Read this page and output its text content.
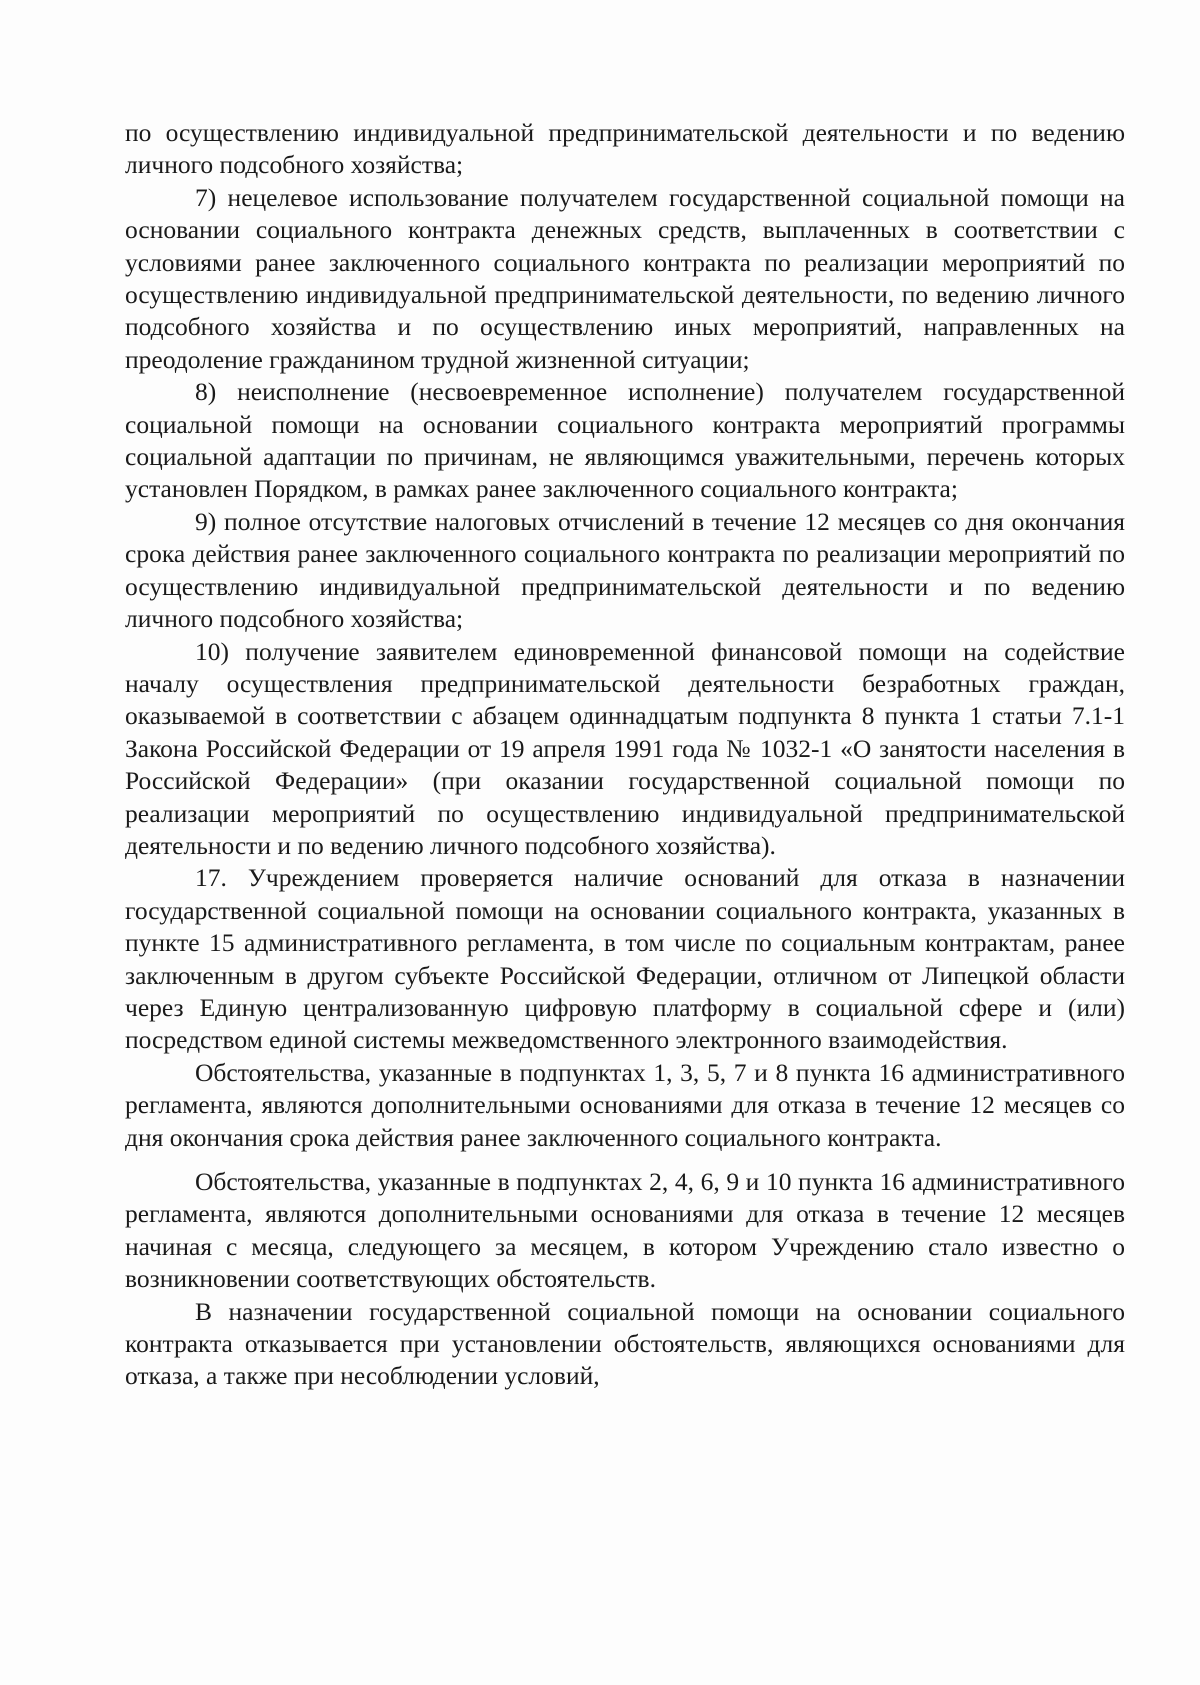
по осуществлению индивидуальной предпринимательской деятельности и по ведению личного подсобного хозяйства;

7) нецелевое использование получателем государственной социальной помощи на основании социального контракта денежных средств, выплаченных в соответствии с условиями ранее заключенного социального контракта по реализации мероприятий по осуществлению индивидуальной предпринимательской деятельности, по ведению личного подсобного хозяйства и по осуществлению иных мероприятий, направленных на преодоление гражданином трудной жизненной ситуации;

8) неисполнение (несвоевременное исполнение) получателем государственной социальной помощи на основании социального контракта мероприятий программы социальной адаптации по причинам, не являющимся уважительными, перечень которых установлен Порядком, в рамках ранее заключенного социального контракта;

9) полное отсутствие налоговых отчислений в течение 12 месяцев со дня окончания срока действия ранее заключенного социального контракта по реализации мероприятий по осуществлению индивидуальной предпринимательской деятельности и по ведению личного подсобного хозяйства;

10) получение заявителем единовременной финансовой помощи на содействие началу осуществления предпринимательской деятельности безработных граждан, оказываемой в соответствии с абзацем одиннадцатым подпункта 8 пункта 1 статьи 7.1-1 Закона Российской Федерации от 19 апреля 1991 года № 1032-1 «О занятости населения в Российской Федерации» (при оказании государственной социальной помощи по реализации мероприятий по осуществлению индивидуальной предпринимательской деятельности и по ведению личного подсобного хозяйства).

17. Учреждением проверяется наличие оснований для отказа в назначении государственной социальной помощи на основании социального контракта, указанных в пункте 15 административного регламента, в том числе по социальным контрактам, ранее заключенным в другом субъекте Российской Федерации, отличном от Липецкой области через Единую централизованную цифровую платформу в социальной сфере и (или) посредством единой системы межведомственного электронного взаимодействия.

Обстоятельства, указанные в подпунктах 1, 3, 5, 7 и 8 пункта 16 административного регламента, являются дополнительными основаниями для отказа в течение 12 месяцев со дня окончания срока действия ранее заключенного социального контракта.

Обстоятельства, указанные в подпунктах 2, 4, 6, 9 и 10 пункта 16 административного регламента, являются дополнительными основаниями для отказа в течение 12 месяцев начиная с месяца, следующего за месяцем, в котором Учреждению стало известно о возникновении соответствующих обстоятельств.

В назначении государственной социальной помощи на основании социального контракта отказывается при установлении обстоятельств, являющихся основаниями для отказа, а также при несоблюдении условий,
